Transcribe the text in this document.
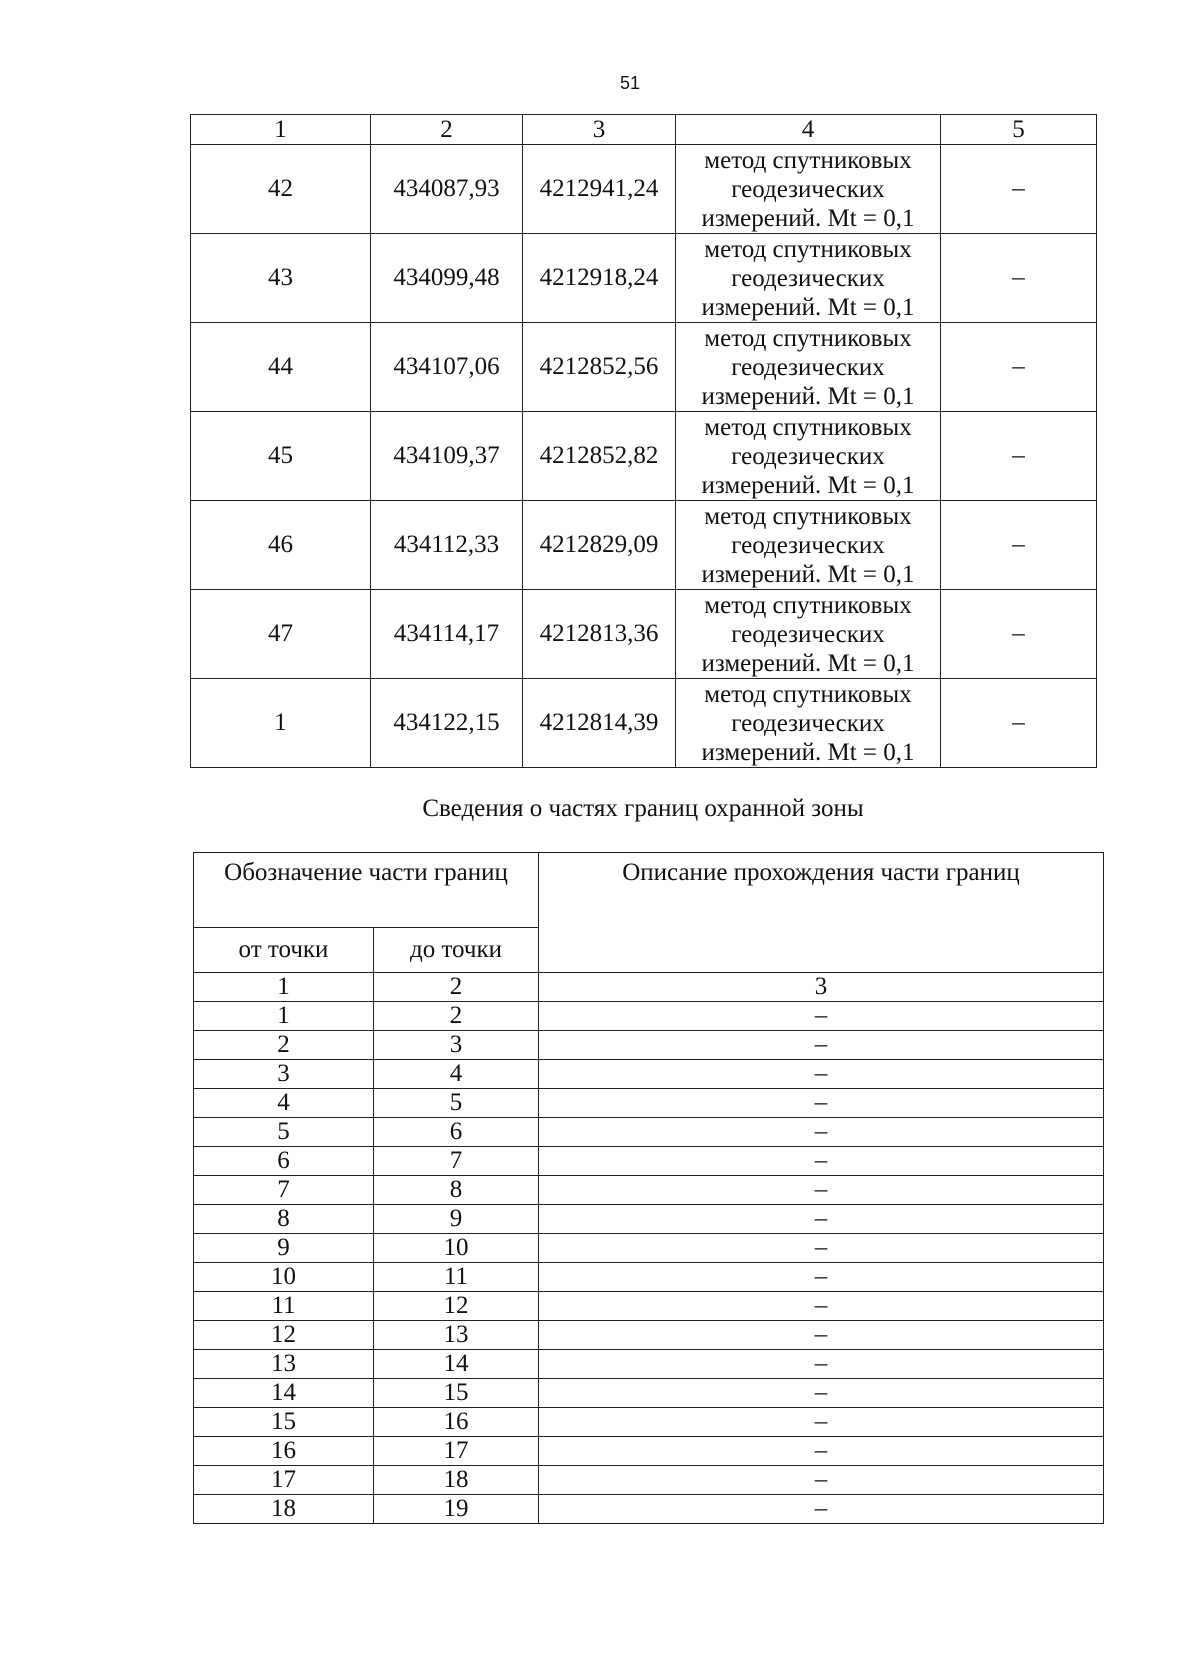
51
1	2	3	4	5
42	434087,93	4212941,24	метод спутниковых
геодезических
измерений. Mt = 0,1	–
43	434099,48	4212918,24	метод спутниковых
геодезических
измерений. Mt = 0,1	–
44	434107,06	4212852,56	метод спутниковых
геодезических
измерений. Mt = 0,1	–
45	434109,37	4212852,82	метод спутниковых
геодезических
измерений. Mt = 0,1	–
46	434112,33	4212829,09	метод спутниковых
геодезических
измерений. Mt = 0,1	–
47	434114,17	4212813,36	метод спутниковых
геодезических
измерений. Mt = 0,1	–
1	434122,15	4212814,39	метод спутниковых
геодезических
измерений. Mt = 0,1	–
Сведения о частях границ охранной зоны
Обозначение части границ		Описание прохождения части границ
от точки	до точки	
1	2	3
1	2	–
2	3	–
3	4	–
4	5	–
5	6	–
6	7	–
7	8	–
8	9	–
9	10	–
10	11	–
11	12	–
12	13	–
13	14	–
14	15	–
15	16	–
16	17	–
17	18	–
18	19	–
